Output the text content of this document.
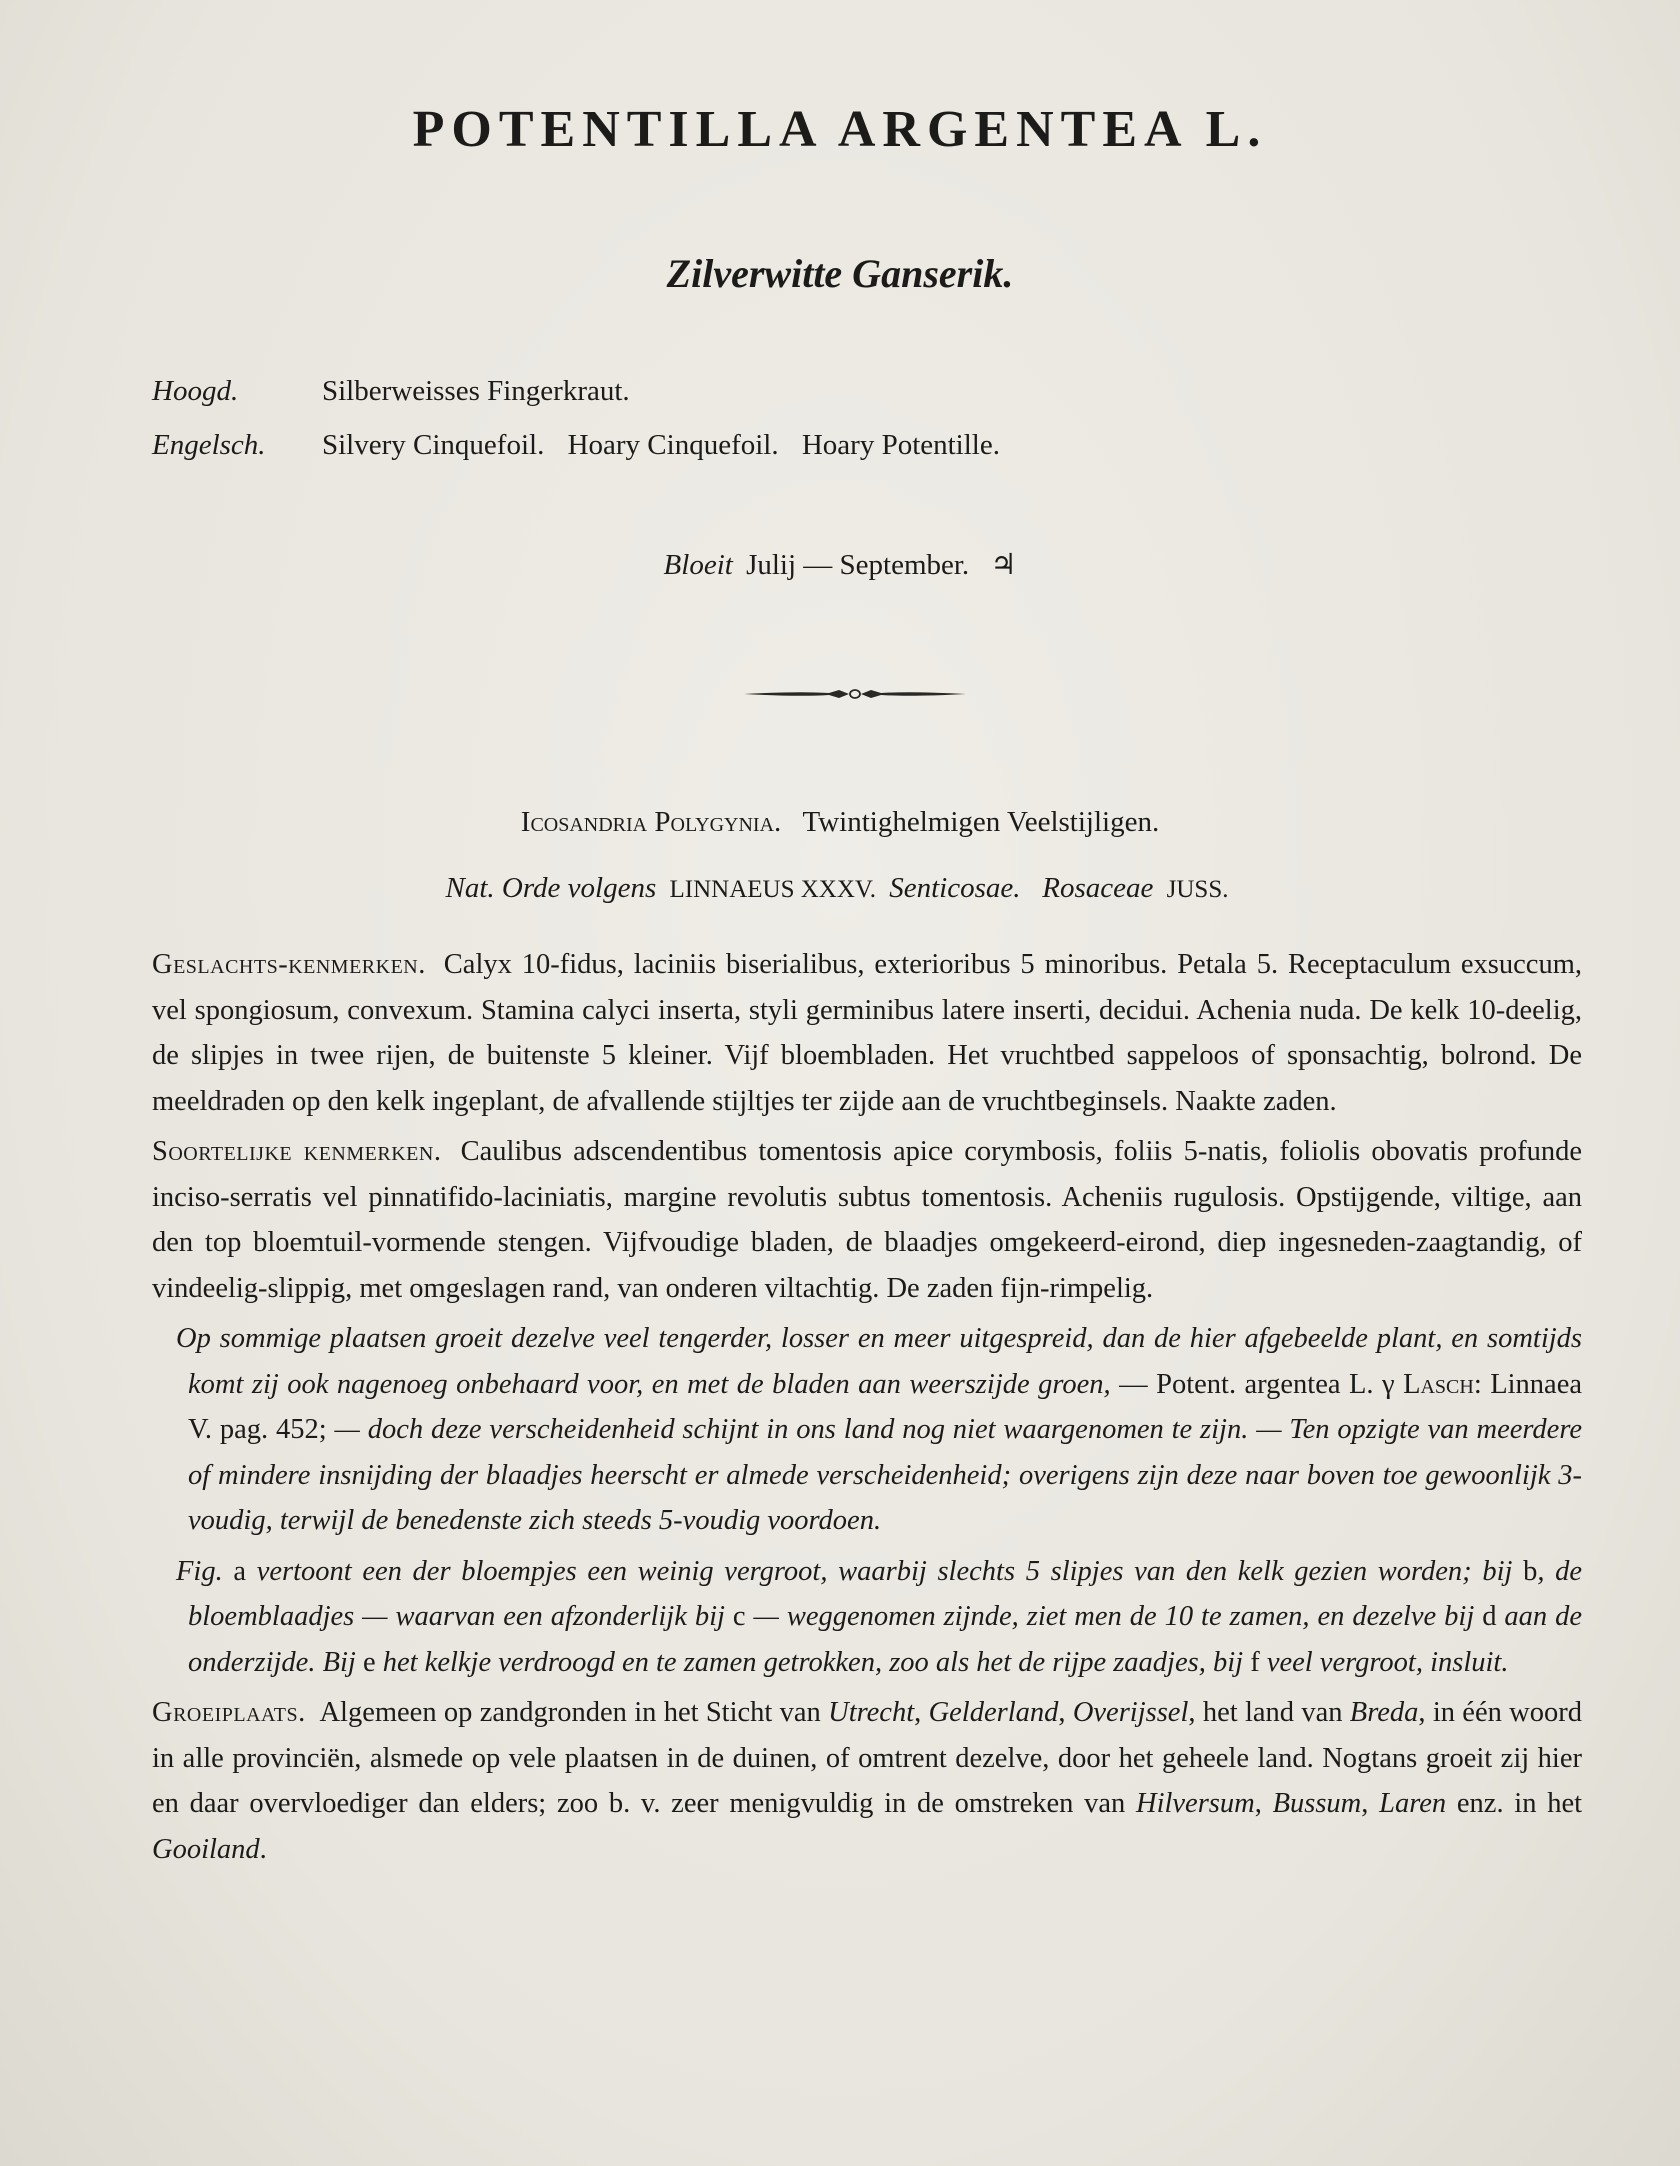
POTENTILLA ARGENTEA L.
Zilverwitte Ganserik.
Hoogd.	Silberweisses Fingerkraut.
Engelsch.	Silvery Cinquefoil. Hoary Cinquefoil. Hoary Potentille.
Bloeit Julij — September. ♃
Icosandria Polygynia. Twintighelmigen Veelstijligen.
Nat. Orde volgens LINNAEUS XXXV. Senticosae. Rosaceae JUSS.

Geslachts-kenmerken. Calyx 10-fidus, laciniis biserialibus, exterioribus 5 minoribus. Petala 5. Receptaculum exsuccum, vel spongiosum, convexum. Stamina calyci inserta, styli germinibus latere inserti, decidui. Achenia nuda. De kelk 10-deelig, de slipjes in twee rijen, de buitenste 5 kleiner. Vijf bloembladen. Het vruchtbed sappeloos of sponsachtig, bolrond. De meeldraden op den kelk ingeplant, de afvallende stijltjes ter zijde aan de vruchtbeginsels. Naakte zaden.

Soortelijke kenmerken. Caulibus adscendentibus tomentosis apice corymbosis, foliis 5-natis, foliolis obovatis profunde inciso-serratis vel pinnatifido-laciniatis, margine revolutis subtus tomentosis. Acheniis rugulosis. Opstijgende, viltige, aan den top bloemtuil-vormende stengen. Vijfvoudige bladen, de blaadjes omgekeerd-eirond, diep ingesneden-zaagtandig, of vindeelig-slippig, met omgeslagen rand, van onderen viltachtig. De zaden fijn-rimpelig.

Op sommige plaatsen groeit dezelve veel tengerder, losser en meer uitgespreid, dan de hier afgebeelde plant, en somtijds komt zij ook nagenoeg onbehaard voor, en met de bladen aan weerszijde groen, — Potent. argentea L. γ Lasch: Linnaea V. pag. 452; — doch deze verscheidenheid schijnt in ons land nog niet waargenomen te zijn. — Ten opzigte van meerdere of mindere insnijding der blaadjes heerscht er almede verscheidenheid; overigens zijn deze naar boven toe gewoonlijk 3-voudig, terwijl de benedenste zich steeds 5-voudig voordoen.

Fig. a vertoont een der bloempjes een weinig vergroot, waarbij slechts 5 slipjes van den kelk gezien worden; bij b, de bloemblaadjes — waarvan een afzonderlijk bij c — weggenomen zijnde, ziet men de 10 te zamen, en dezelve bij d aan de onderzijde. Bij e het kelkje verdroogd en te zamen getrokken, zoo als het de rijpe zaadjes, bij f veel vergroot, insluit.

Groeiplaats. Algemeen op zandgronden in het Sticht van Utrecht, Gelderland, Overijssel, het land van Breda, in één woord in alle provinciën, alsmede op vele plaatsen in de duinen, of omtrent dezelve, door het geheele land. Nogtans groeit zij hier en daar overvloediger dan elders; zoo b. v. zeer menigvuldig in de omstreken van Hilversum, Bussum, Laren enz. in het Gooiland.
